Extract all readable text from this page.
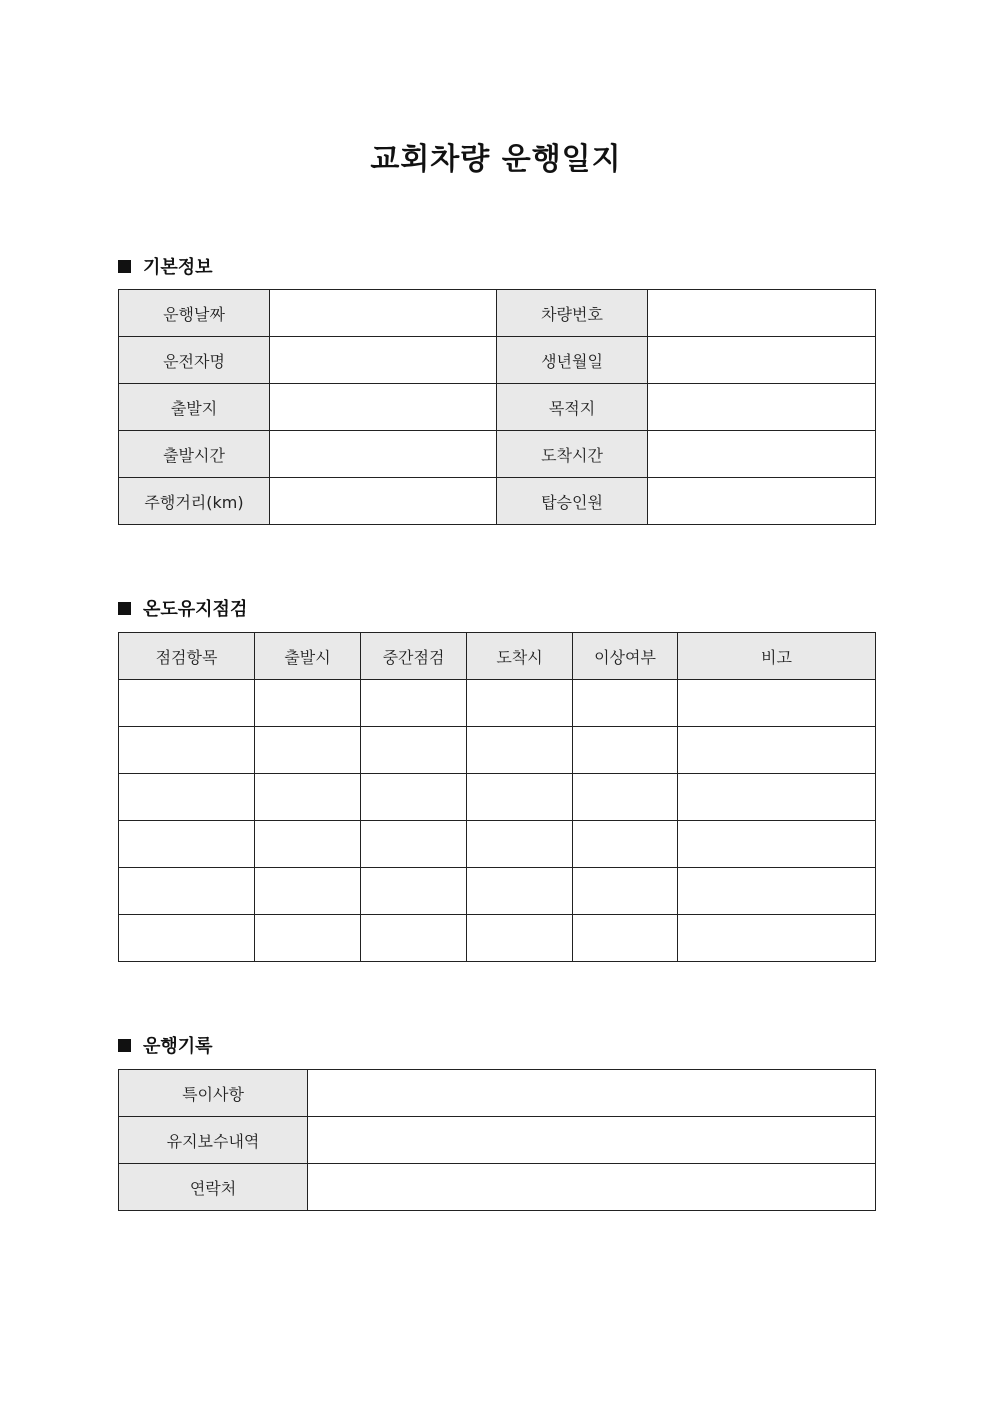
교회차량 운행일지
기본정보
운행날짜		차량번호	
운전자명		생년월일	
출발지		목적지	
출발시간		도착시간	
주행거리(km)		탑승인원	
온도유지점검
점검항목	출발시	중간점검	도착시	이상여부	비고

운행기록
특이사항	
유지보수내역	
연락처	
